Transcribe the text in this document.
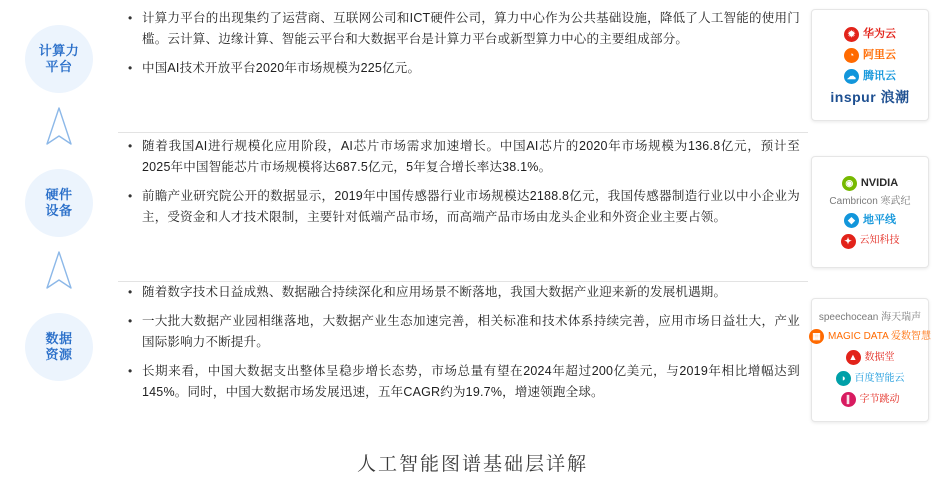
计算力
平台
硬件
设备
数据
资源
• 计算力平台的出现集约了运营商、互联网公司和ICT硬件公司，算力中心作为公共基础设施，降低了人工智能的使用门槛。云计算、边缘计算、智能云平台和大数据平台是计算力平台或新型算力中心的主要组成部分。
• 中国AI技术开放平台2020年市场规模为225亿元。
• 随着我国AI进行规模化应用阶段，AI芯片市场需求加速增长。中国AI芯片的2020年市场规模为136.8亿元，预计至2025年中国智能芯片市场规模将达687.5亿元，5年复合增长率达38.1%。
• 前瞻产业研究院公开的数据显示，2019年中国传感器行业市场规模达2188.8亿元，我国传感器制造行业以中小企业为主，受资金和人才技术限制，主要针对低端产品市场，而高端产品市场由龙头企业和外资企业主要占领。
• 随着数字技术日益成熟、数据融合持续深化和应用场景不断落地，我国大数据产业迎来新的发展机遇期。
• 一大批大数据产业园相继落地，大数据产业生态加速完善，相关标准和技术体系持续完善，应用市场日益壮大，产业国际影响力不断提升。
• 长期来看，中国大数据支出整体呈稳步增长态势，市场总量有望在2024年超过200亿美元，与2019年相比增幅达到145%。同时，中国大数据市场发展迅速，五年CAGR约为19.7%，增速领跑全球。
✹ 华为云
◔ 阿里云
☁ 腾讯云
inspur 浪潮
◉ NVIDIA
Cambricon 寒武纪
◆ 地平线
✦ 云知科技
speechocean 海天瑞声
▦ MAGIC DATA 爱数智慧
▲ 数据堂
◑ 百度智能云
∥ 字节跳动
人工智能图谱基础层详解
